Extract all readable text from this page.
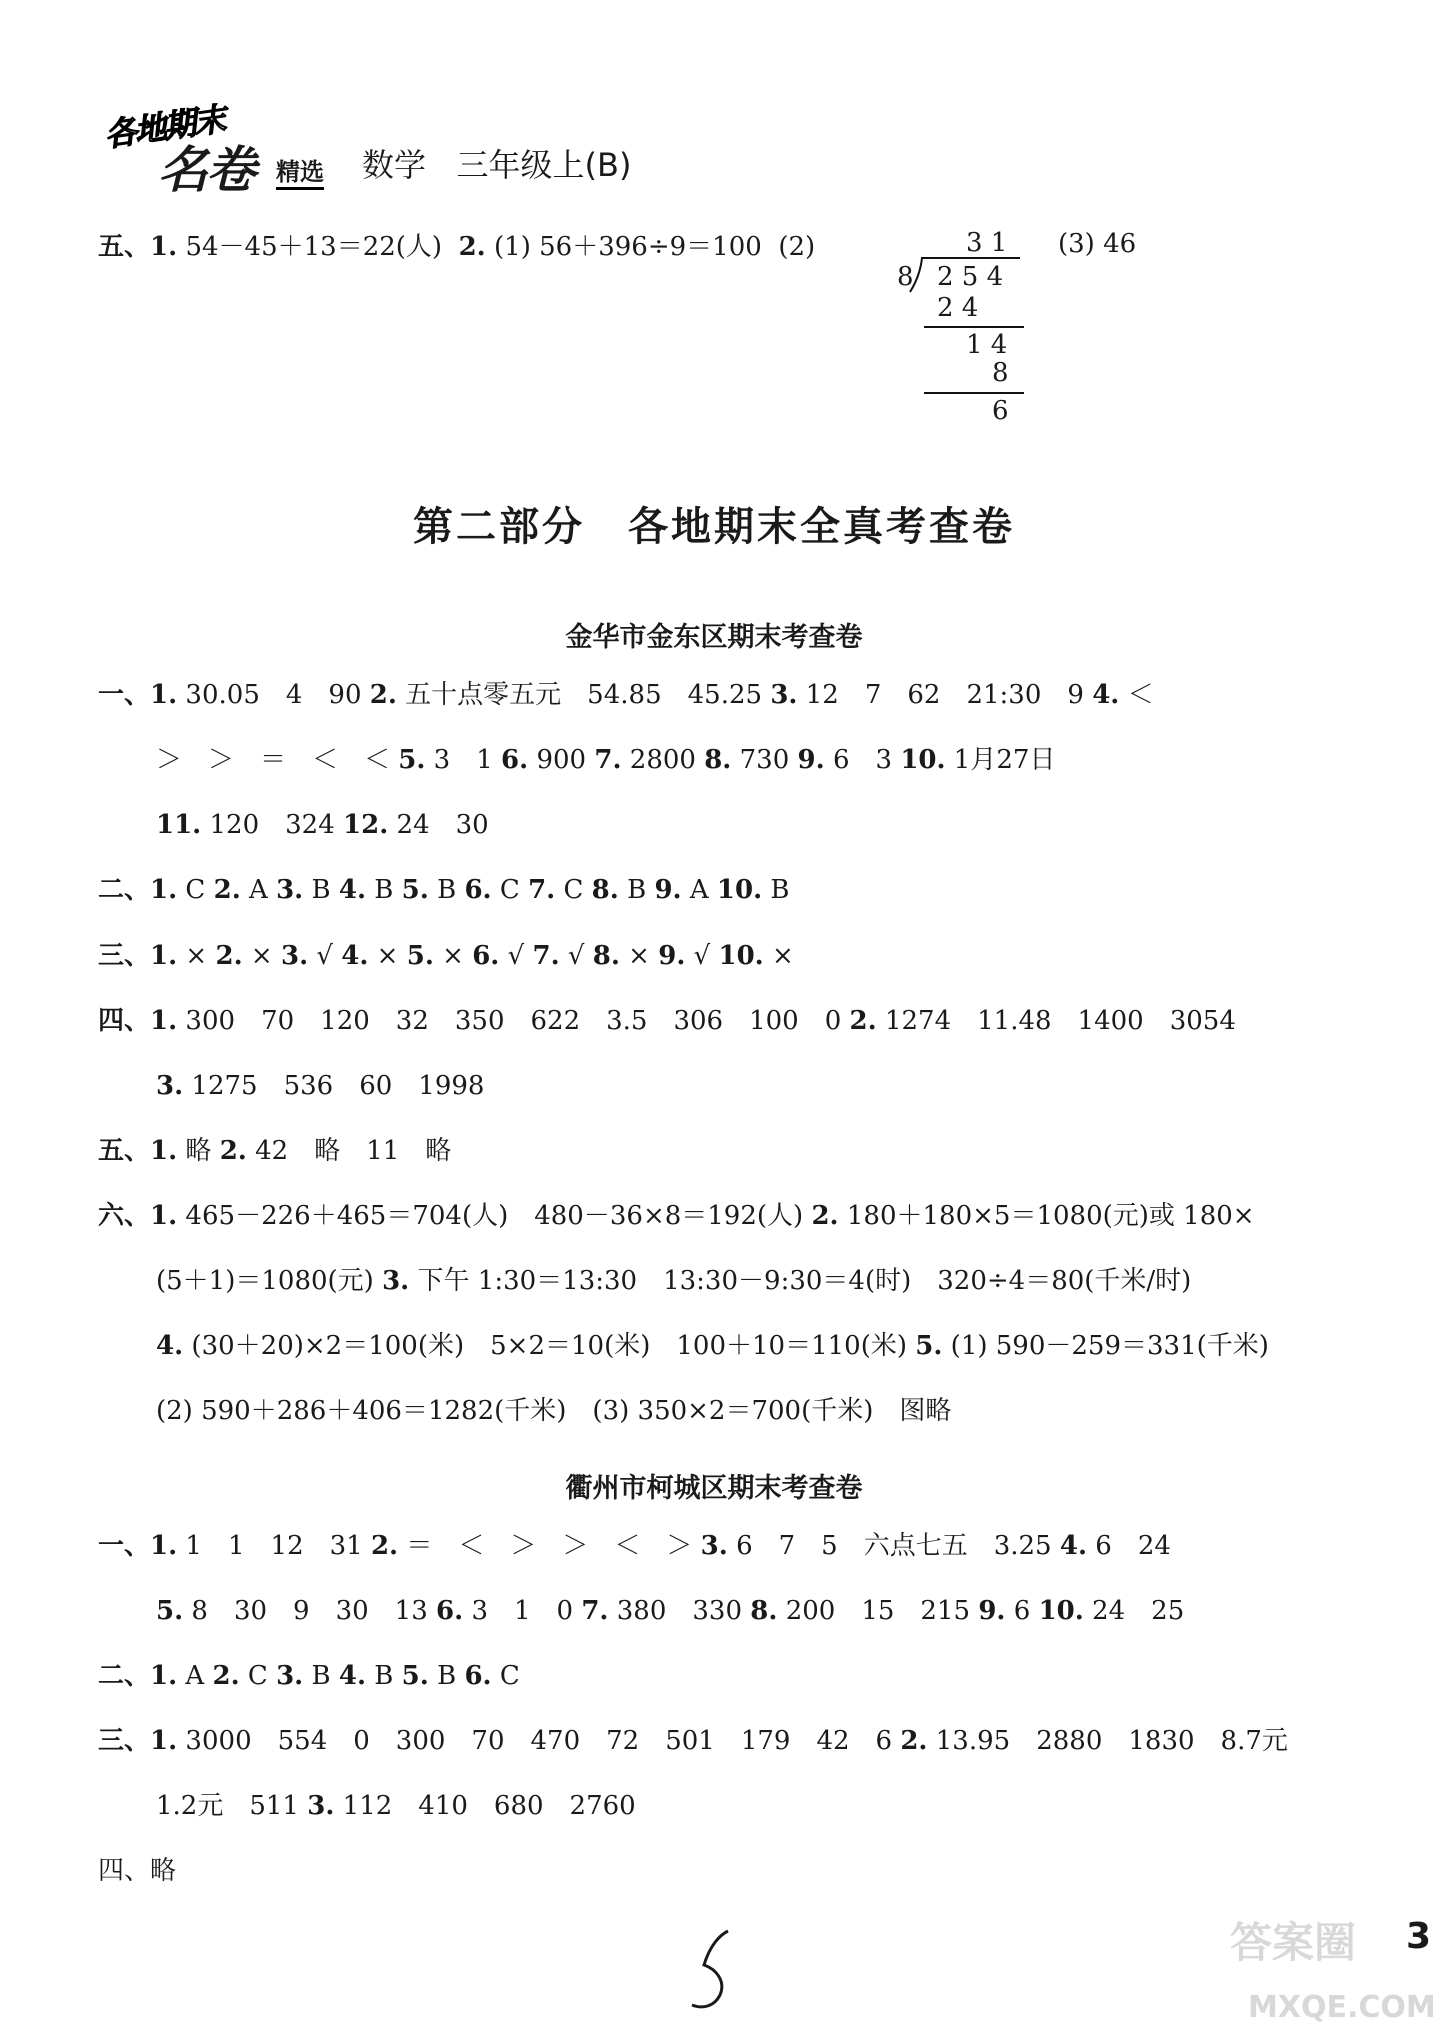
各地期末
名卷 精选 数学 三年级上(B)
五、1. 54－45＋13＝22(人) 2. (1) 56＋396÷9＝100 (2)	(3) 46
3 1
8 2 5 4
2 4
1 4
8
6
第二部分　各地期末全真考查卷
金华市金东区期末考查卷
一、1. 30.05　4　90 2. 五十点零五元　54.85　45.25 3. 12　7　62　21:30　9 4. ＜
＞　＞　＝　＜　＜ 5. 3　1 6. 900 7. 2800 8. 730 9. 6　3 10. 1月27日
11. 120　324 12. 24　30
二、1. C 2. A 3. B 4. B 5. B 6. C 7. C 8. B 9. A 10. B
三、1. × 2. × 3. √ 4. × 5. × 6. √ 7. √ 8. × 9. √ 10. ×
四、1. 300　70　120　32　350　622　3.5　306　100　0 2. 1274　11.48　1400　3054
3. 1275　536　60　1998
五、1. 略 2. 42　略　11　略
六、1. 465－226＋465＝704(人)　480－36×8＝192(人) 2. 180＋180×5＝1080(元)或 180×
(5＋1)＝1080(元) 3. 下午 1:30＝13:30　13:30－9:30＝4(时)　320÷4＝80(千米/时)
4. (30＋20)×2＝100(米)　5×2＝10(米)　100＋10＝110(米) 5. (1) 590－259＝331(千米)
(2) 590＋286＋406＝1282(千米)　(3) 350×2＝700(千米)　图略
衢州市柯城区期末考查卷
一、1. 1　1　12　31 2. ＝　＜　＞　＞　＜　＞ 3. 6　7　5　六点七五　3.25 4. 6　24
5. 8　30　9　30　13 6. 3　1　0 7. 380　330 8. 200　15　215 9. 6 10. 24　25
二、1. A 2. C 3. B 4. B 5. B 6. C
三、1. 3000　554　0　300　70　470　72　501　179　42　6 2. 13.95　2880　1830　8.7元
1.2元　511 3. 112　410　680　2760
四、略
答案圈
MXQE.COM
3
